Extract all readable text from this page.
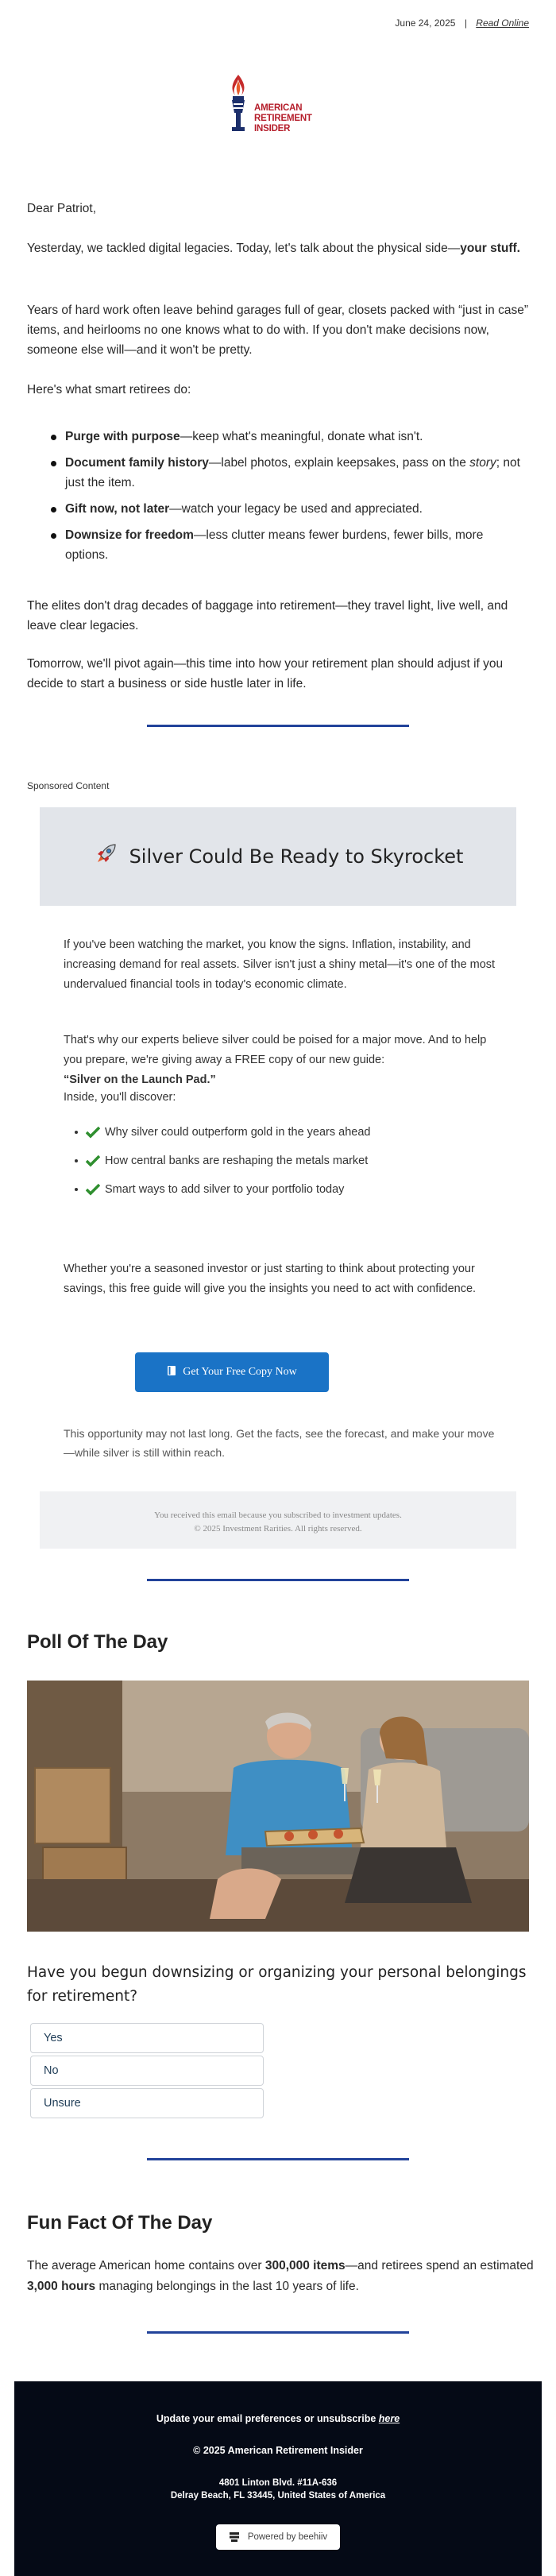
June 24, 2025 | Read Online
AMERICAN
RETIREMENT INSIDER
Dear Patriot,
Yesterday, we tackled digital legacies. Today, let's talk about the physical side—your stuff.
Years of hard work often leave behind garages full of gear, closets packed with “just in case” items, and heirlooms no one knows what to do with. If you don't make decisions now, someone else will—and it won't be pretty.
Here's what smart retirees do:
Purge with purpose—keep what's meaningful, donate what isn't.
Document family history—label photos, explain keepsakes, pass on the story; not just the item.
Gift now, not later—watch your legacy be used and appreciated.
Downsize for freedom—less clutter means fewer burdens, fewer bills, more options.
The elites don't drag decades of baggage into retirement—they travel light, live well, and leave clear legacies.
Tomorrow, we'll pivot again—this time into how your retirement plan should adjust if you decide to start a business or side hustle later in life.
Sponsored Content
Silver Could Be Ready to Skyrocket
If you've been watching the market, you know the signs. Inflation, instability, and increasing demand for real assets. Silver isn't just a shiny metal—it's one of the most undervalued financial tools in today's economic climate.
That's why our experts believe silver could be poised for a major move. And to help you prepare, we're giving away a FREE copy of our new guide:
“Silver on the Launch Pad.”
Inside, you'll discover:
Why silver could outperform gold in the years ahead
How central banks are reshaping the metals market
Smart ways to add silver to your portfolio today
Whether you're a seasoned investor or just starting to think about protecting your savings, this free guide will give you the insights you need to act with confidence.
Get Your Free Copy Now
This opportunity may not last long. Get the facts, see the forecast, and make your move—while silver is still within reach.
You received this email because you subscribed to investment updates.
© 2025 Investment Rarities. All rights reserved.
Poll Of The Day
Have you begun downsizing or organizing your personal belongings for retirement?
Yes
No
Unsure
Fun Fact Of The Day
The average American home contains over 300,000 items—and retirees spend an estimated 3,000 hours managing belongings in the last 10 years of life.
Update your email preferences or unsubscribe here
© 2025 American Retirement Insider
4801 Linton Blvd. #11A-636
Delray Beach, FL 33445, United States of America
Powered by beehiiv
